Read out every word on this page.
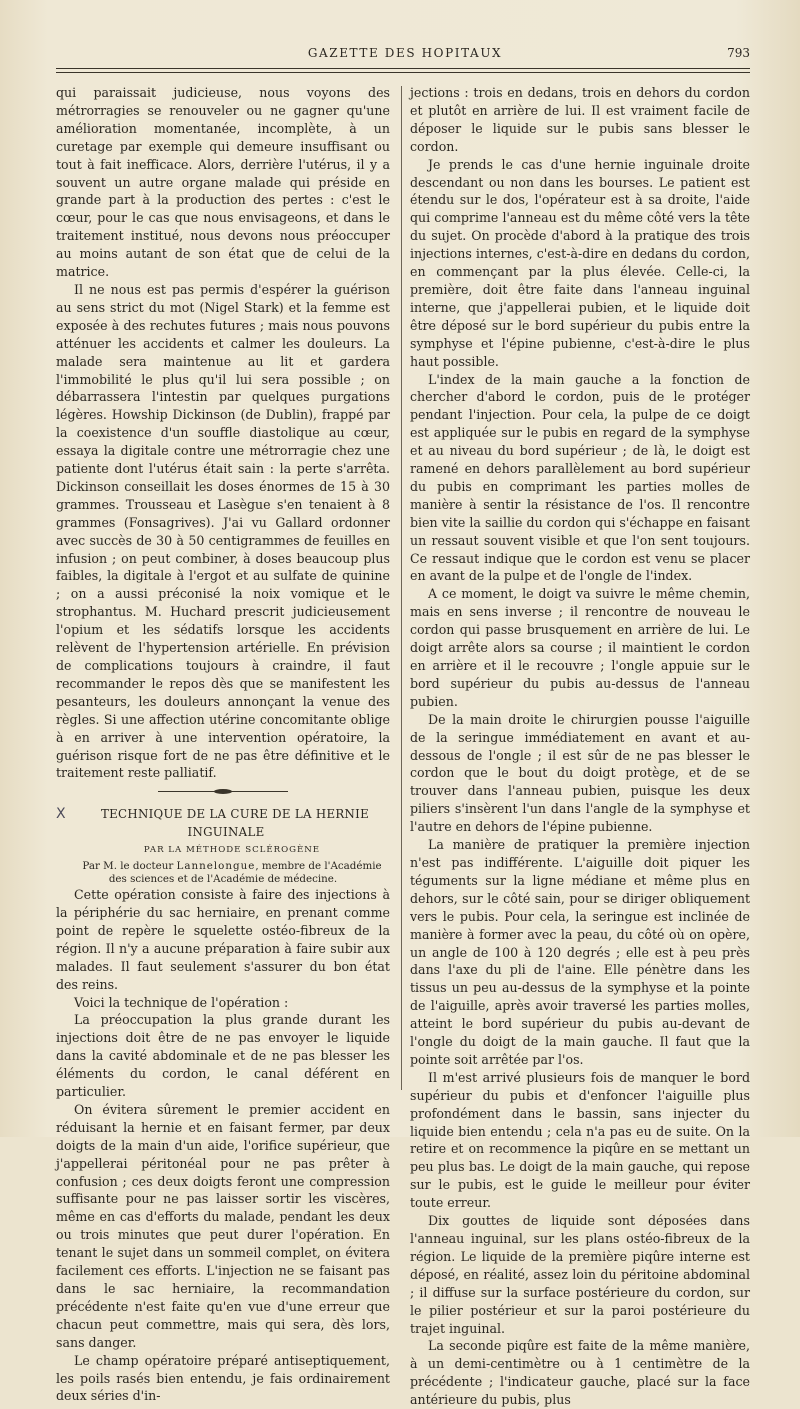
GAZETTE DES HOPITAUX	793

qui paraissait judicieuse, nous voyons des métrorragies se renouveler ou ne gagner qu'une amélioration momentanée, incomplète, à un curetage par exemple qui demeure insuffisant ou tout à fait inefficace. Alors, derrière l'utérus, il y a souvent un autre organe malade qui préside en grande part à la production des pertes : c'est le cœur, pour le cas que nous envisageons, et dans le traitement institué, nous devons nous préoccuper au moins autant de son état que de celui de la matrice.

Il ne nous est pas permis d'espérer la guérison au sens strict du mot (Nigel Stark) et la femme est exposée à des rechutes futures ; mais nous pouvons atténuer les accidents et calmer les douleurs. La malade sera maintenue au lit et gardera l'immobilité le plus qu'il lui sera possible ; on débarrassera l'intestin par quelques purgations légères. Howship Dickinson (de Dublin), frappé par la coexistence d'un souffle diastolique au cœur, essaya la digitale contre une métrorragie chez une patiente dont l'utérus était sain : la perte s'arrêta. Dickinson conseillait les doses énormes de 15 à 30 grammes. Trousseau et Lasègue s'en tenaient à 8 grammes (Fonsagrives). J'ai vu Gallard ordonner avec succès de 30 à 50 centigrammes de feuilles en infusion ; on peut combiner, à doses beaucoup plus faibles, la digitale à l'ergot et au sulfate de quinine ; on a aussi préconisé la noix vomique et le strophantus. M. Huchard prescrit judicieusement l'opium et les sédatifs lorsque les accidents relèvent de l'hypertension artérielle. En prévision de complications toujours à craindre, il faut recommander le repos dès que se manifestent les pesanteurs, les douleurs annonçant la venue des règles. Si une affection utérine concomitante oblige à en arriver à une intervention opératoire, la guérison risque fort de ne pas être définitive et le traitement reste palliatif.

X	TECHNIQUE DE LA CURE DE LA HERNIE INGUINALE

PAR LA MÉTHODE SCLÉROGÈNE

Par M. le docteur Lannelongue, membre de l'Académie des sciences et de l'Académie de médecine.

Cette opération consiste à faire des injections à la périphérie du sac herniaire, en prenant comme point de repère le squelette ostéo-fibreux de la région. Il n'y a aucune préparation à faire subir aux malades. Il faut seulement s'assurer du bon état des reins.

Voici la technique de l'opération :

La préoccupation la plus grande durant les injections doit être de ne pas envoyer le liquide dans la cavité abdominale et de ne pas blesser les éléments du cordon, le canal déférent en particulier.

On évitera sûrement le premier accident en réduisant la hernie et en faisant fermer, par deux doigts de la main d'un aide, l'orifice supérieur, que j'appellerai péritonéal pour ne pas prêter à confusion ; ces deux doigts feront une compression suffisante pour ne pas laisser sortir les viscères, même en cas d'efforts du malade, pendant les deux ou trois minutes que peut durer l'opération. En tenant le sujet dans un sommeil complet, on évitera facilement ces efforts. L'injection ne se faisant pas dans le sac herniaire, la recommandation précédente n'est faite qu'en vue d'une erreur que chacun peut commettre, mais qui sera, dès lors, sans danger.

Le champ opératoire préparé antiseptiquement, les poils rasés bien entendu, je fais ordinairement deux séries d'in-

jections : trois en dedans, trois en dehors du cordon et plutôt en arrière de lui. Il est vraiment facile de déposer le liquide sur le pubis sans blesser le cordon.

Je prends le cas d'une hernie inguinale droite descendant ou non dans les bourses. Le patient est étendu sur le dos, l'opérateur est à sa droite, l'aide qui comprime l'anneau est du même côté vers la tête du sujet. On procède d'abord à la pratique des trois injections internes, c'est-à-dire en dedans du cordon, en commençant par la plus élevée. Celle-ci, la première, doit être faite dans l'anneau inguinal interne, que j'appellerai pubien, et le liquide doit être déposé sur le bord supérieur du pubis entre la symphyse et l'épine pubienne, c'est-à-dire le plus haut possible.

L'index de la main gauche a la fonction de chercher d'abord le cordon, puis de le protéger pendant l'injection. Pour cela, la pulpe de ce doigt est appliquée sur le pubis en regard de la symphyse et au niveau du bord supérieur ; de là, le doigt est ramené en dehors parallèlement au bord supérieur du pubis en comprimant les parties molles de manière à sentir la résistance de l'os. Il rencontre bien vite la saillie du cordon qui s'échappe en faisant un ressaut souvent visible et que l'on sent toujours. Ce ressaut indique que le cordon est venu se placer en avant de la pulpe et de l'ongle de l'index.

A ce moment, le doigt va suivre le même chemin, mais en sens inverse ; il rencontre de nouveau le cordon qui passe brusquement en arrière de lui. Le doigt arrête alors sa course ; il maintient le cordon en arrière et il le recouvre ; l'ongle appuie sur le bord supérieur du pubis au-dessus de l'anneau pubien.

De la main droite le chirurgien pousse l'aiguille de la seringue immédiatement en avant et au-dessous de l'ongle ; il est sûr de ne pas blesser le cordon que le bout du doigt protège, et de se trouver dans l'anneau pubien, puisque les deux piliers s'insèrent l'un dans l'angle de la symphyse et l'autre en dehors de l'épine pubienne.

La manière de pratiquer la première injection n'est pas indifférente. L'aiguille doit piquer les téguments sur la ligne médiane et même plus en dehors, sur le côté sain, pour se diriger obliquement vers le pubis. Pour cela, la seringue est inclinée de manière à former avec la peau, du côté où on opère, un angle de 100 à 120 degrés ; elle est à peu près dans l'axe du pli de l'aine. Elle pénètre dans les tissus un peu au-dessus de la symphyse et la pointe de l'aiguille, après avoir traversé les parties molles, atteint le bord supérieur du pubis au-devant de l'ongle du doigt de la main gauche. Il faut que la pointe soit arrêtée par l'os.

Il m'est arrivé plusieurs fois de manquer le bord supérieur du pubis et d'enfoncer l'aiguille plus profondément dans le bassin, sans injecter du liquide bien entendu ; cela n'a pas eu de suite. On la retire et on recommence la piqûre en se mettant un peu plus bas. Le doigt de la main gauche, qui repose sur le pubis, est le guide le meilleur pour éviter toute erreur.

Dix gouttes de liquide sont déposées dans l'anneau inguinal, sur les plans ostéo-fibreux de la région. Le liquide de la première piqûre interne est déposé, en réalité, assez loin du péritoine abdominal ; il diffuse sur la surface postérieure du cordon, sur le pilier postérieur et sur la paroi postérieure du trajet inguinal.

La seconde piqûre est faite de la même manière, à un demi-centimètre ou à 1 centimètre de la précédente ; l'indicateur gauche, placé sur la face antérieure du pubis, plus
